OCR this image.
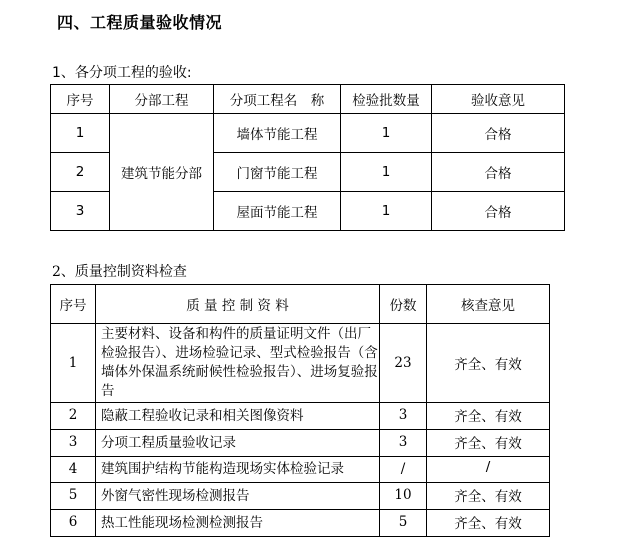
四、工程质量验收情况
1、各分项工程的验收:
序号	分部工程	分项工程名　称	检验批数量	验收意见
1	建筑节能分部	墙体节能工程	1	合格
2		门窗节能工程	1	合格
3		屋面节能工程	1	合格
2、质量控制资料检查
序号	质 量 控 制 资 料	份数	核查意见
1	主要材料、设备和构件的质量证明文件（出厂检验报告）、进场检验记录、型式检验报告（含墙体外保温系统耐候性检验报告）、进场复验报告	23	齐全、有效
2	隐蔽工程验收记录和相关图像资料	3	齐全、有效
3	分项工程质量验收记录	3	齐全、有效
4	建筑围护结构节能构造现场实体检验记录	/	/
5	外窗气密性现场检测报告	10	齐全、有效
6	热工性能现场检测检测报告	5	齐全、有效
